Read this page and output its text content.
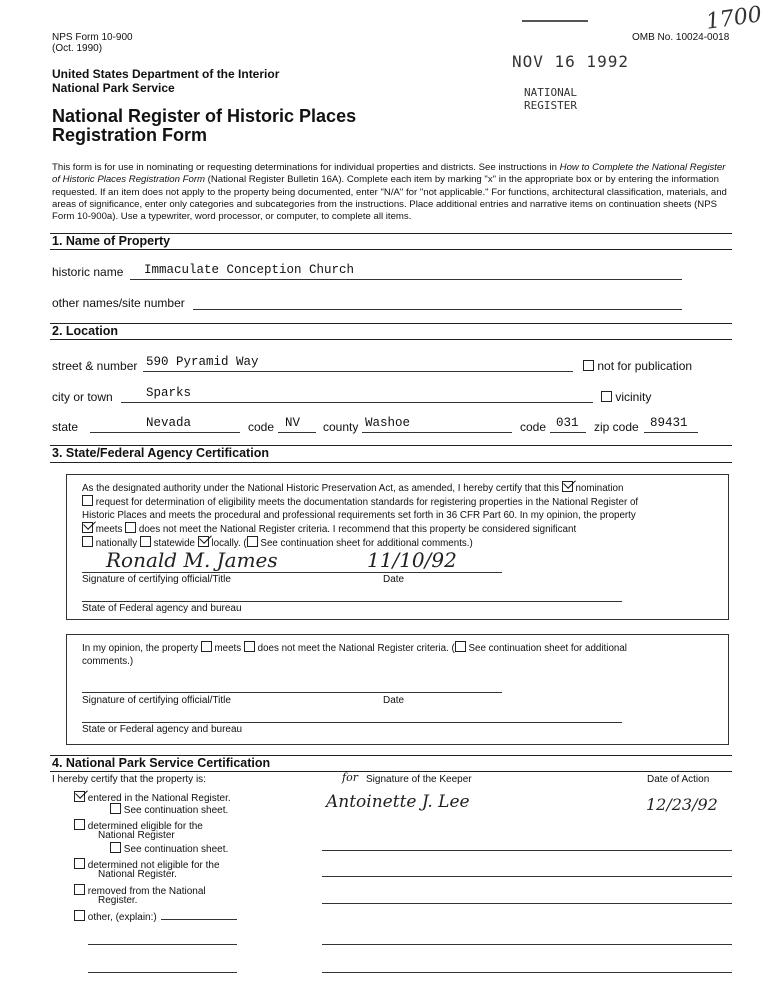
NPS Form 10-900
(Oct. 1990)
OMB No. 10024-0018
1700
United States Department of the Interior
National Park Service
National Register of Historic Places
Registration Form
NOV 16 1992
NATIONAL
REGISTER
This form is for use in nominating or requesting determinations for individual properties and districts. See instructions in How to Complete the National Register of Historic Places Registration Form (National Register Bulletin 16A). Complete each item by marking "x" in the appropriate box or by entering the information requested. If an item does not apply to the property being documented, enter "N/A" for "not applicable." For functions, architectural classification, materials, and areas of significance, enter only categories and subcategories from the instructions. Place additional entries and narrative items on continuation sheets (NPS Form 10-900a). Use a typewriter, word processor, or computer, to complete all items.
1. Name of Property
historic name Immaculate Conception Church
other names/site number
2. Location
street & number 590 Pyramid Way	not for publication
city or town	Sparks	vicinity
state	Nevada	code NV county Washoe	code 031 zip code 89431
3. State/Federal Agency Certification
As the designated authority under the National Historic Preservation Act, as amended, I hereby certify that this nomination
request for determination of eligibility meets the documentation standards for registering properties in the National Register of
Historic Places and meets the procedural and professional requirements set forth in 36 CFR Part 60. In my opinion, the property
meets does not meet the National Register criteria. I recommend that this property be considered significant
nationally statewide locally. ( See continuation sheet for additional comments.)
Ronald M. James	11/10/92
Signature of certifying official/Title	Date
State of Federal agency and bureau
In my opinion, the property meets does not meet the National Register criteria. ( See continuation sheet for additional
comments.)
Signature of certifying official/Title	Date
State or Federal agency and bureau
4. National Park Service Certification
I hereby certify that the property is:	for Signature of the Keeper	Date of Action
entered in the National Register.
See continuation sheet.
determined eligible for the
National Register
See continuation sheet.
determined not eligible for the
National Register.
removed from the National
Register.
other, (explain:)
Antoinette J. Lee	12/23/92
